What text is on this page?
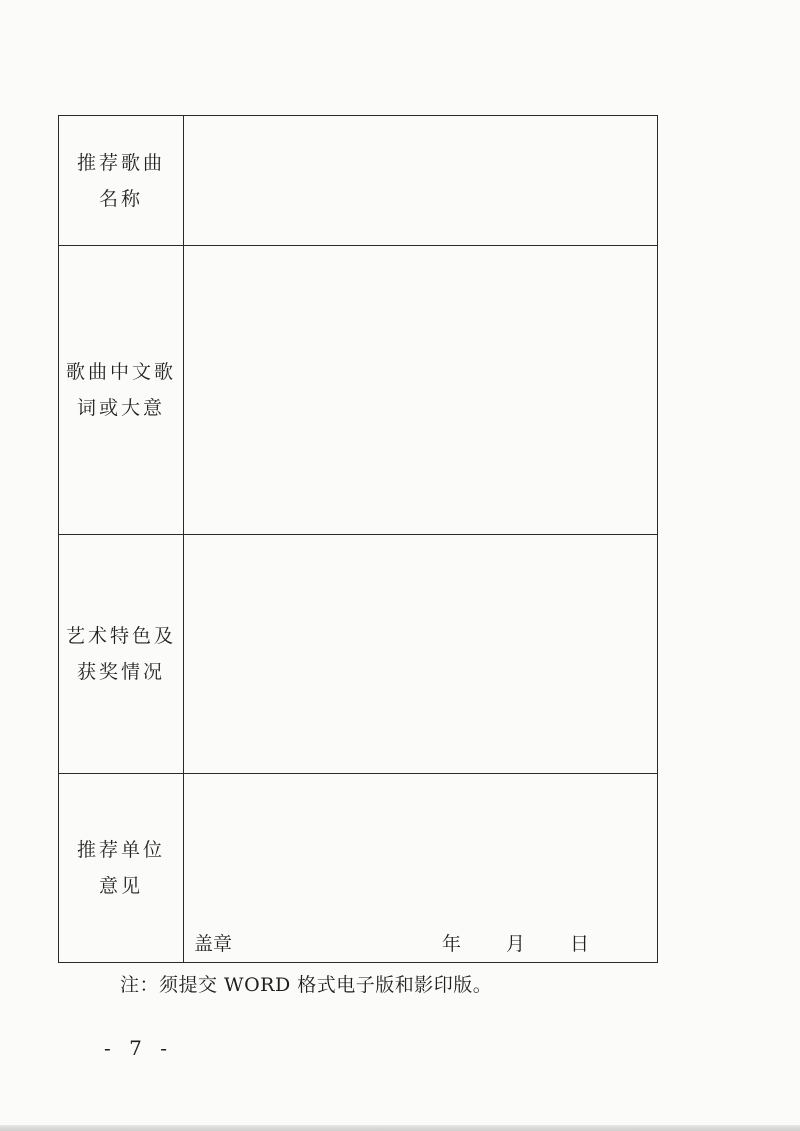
推荐歌曲
名称	

歌曲中文歌
词或大意	

艺术特色及
获奖情况	

推荐单位
意见	盖章 年 月 日
注：须提交 WORD 格式电子版和影印版。
- 7 -
